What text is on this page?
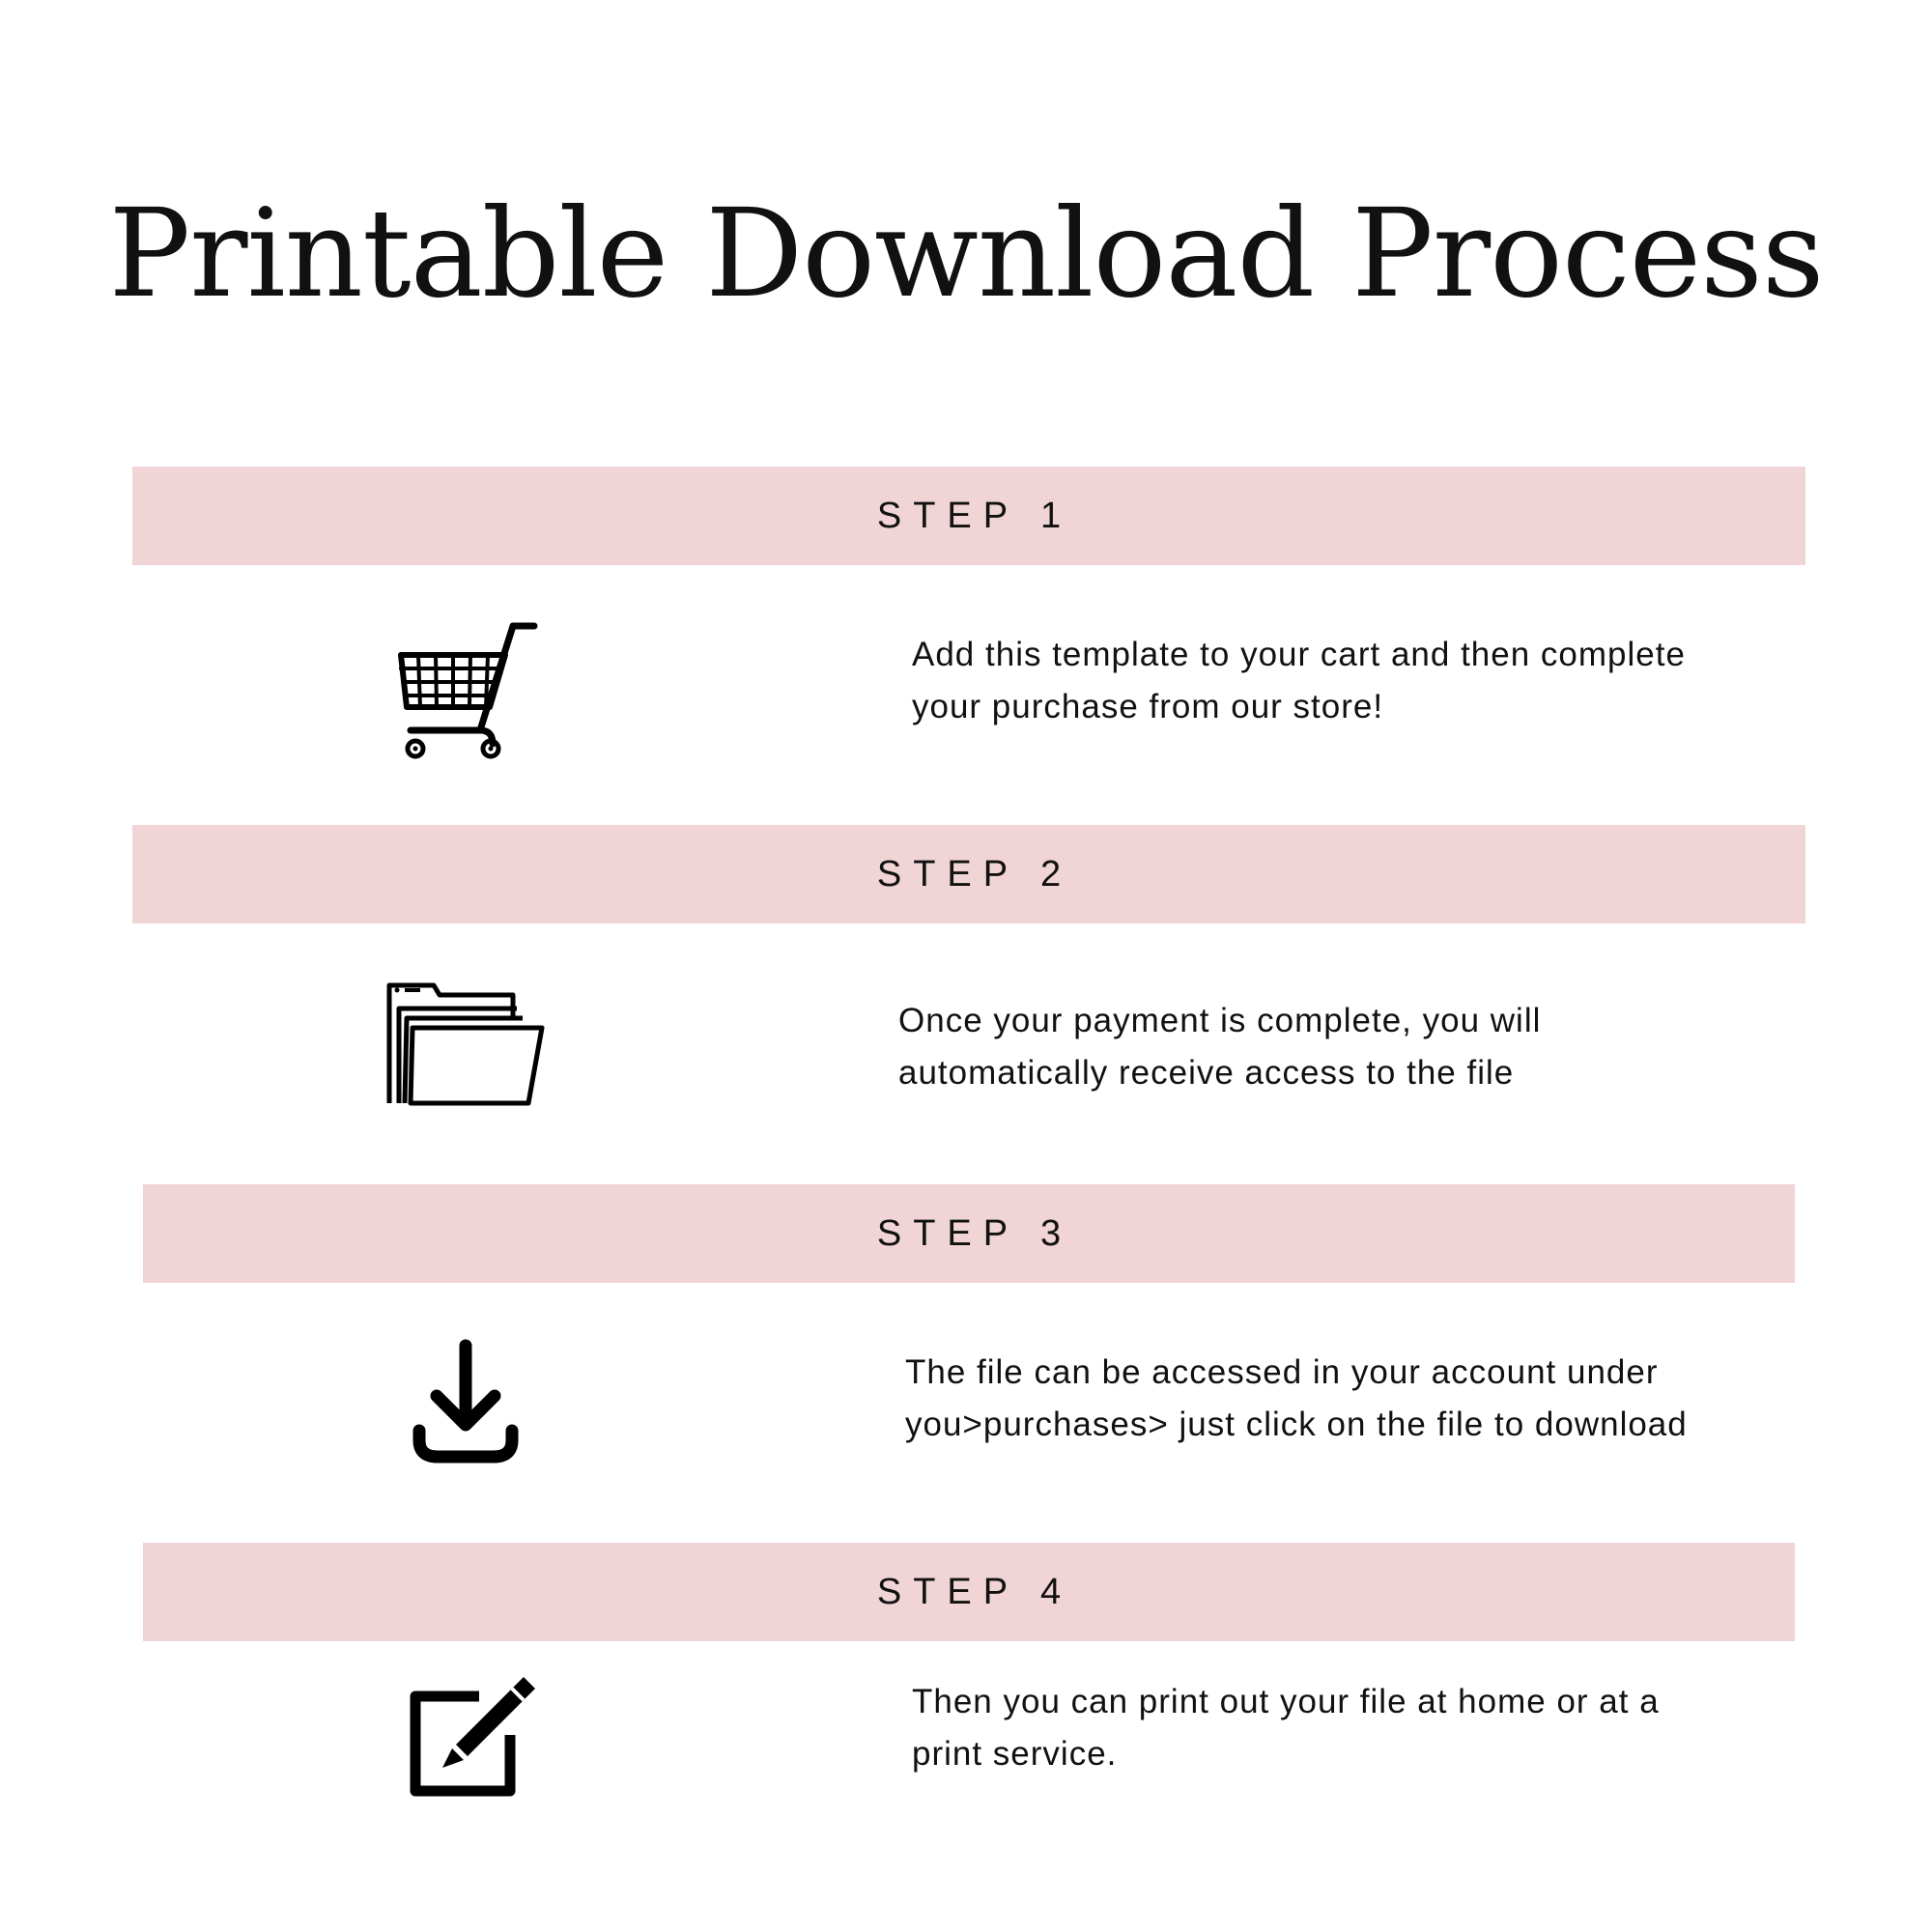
Printable Download Process
STEP 1
Add this template to your cart and then complete
your purchase from our store!
STEP 2
Once your payment is complete, you will
automatically receive access to the file
STEP 3
The file can be accessed in your account under
you>purchases> just click on the file to download
STEP 4
Then you can print out your file at home or at a
print service.
